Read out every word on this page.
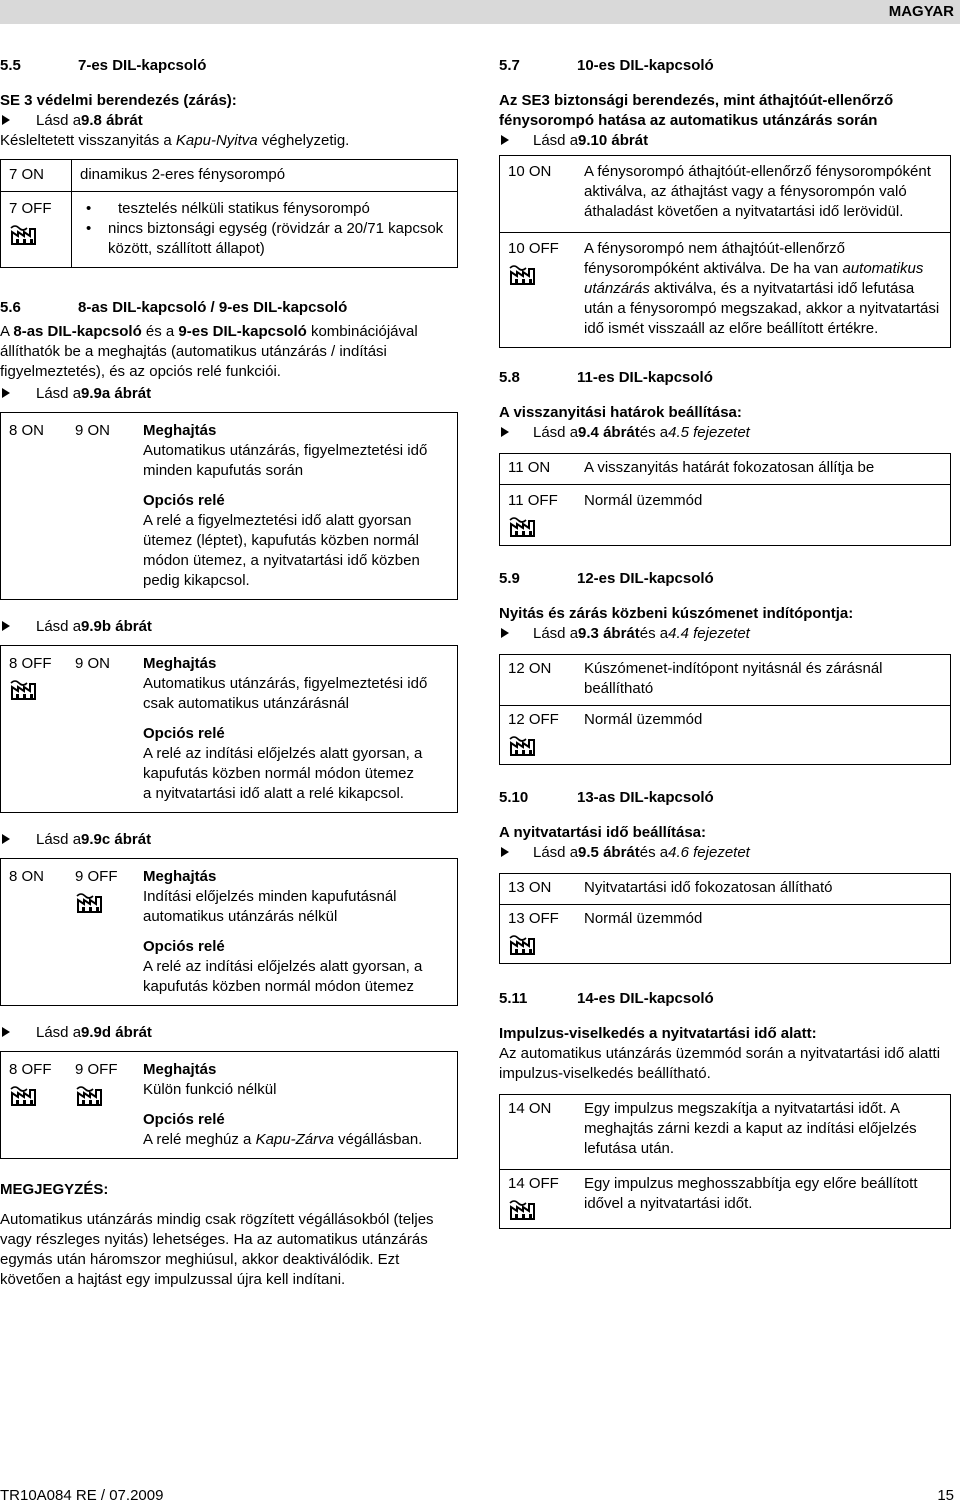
MAGYAR
5.5	7-es DIL-kapcsoló
SE 3 védelmi berendezés (zárás):
Lásd a 9.8 ábrát
Késleltetett visszanyitás a Kapu-Nyitva véghelyzetig.
7 ON	dinamikus 2-eres fénysorompó
7 OFF	• tesztelés nélküli statikus fénysorompó
• nincs biztonsági egység (rövidzár a 20/71 kapcsok között, szállított állapot)
5.6	8-as DIL-kapcsoló / 9-es DIL-kapcsoló
A 8-as DIL-kapcsoló és a 9-es DIL-kapcsoló kombinációjával állíthatók be a meghajtás (automatikus utánzárás / indítási figyelmeztetés), és az opciós relé funkciói.
Lásd a 9.9a ábrát
8 ON	9 ON	Meghajtás
Automatikus utánzárás, figyelmeztetési idő minden kapufutás során
Opciós relé
A relé a figyelmeztetési idő alatt gyorsan ütemez (léptet), kapufutás közben normál módon ütemez, a nyitvatartási idő közben pedig kikapcsol.
Lásd a 9.9b ábrát
8 OFF	9 ON	Meghajtás
Automatikus utánzárás, figyelmeztetési idő csak automatikus utánzárásnál
Opciós relé
A relé az indítási előjelzés alatt gyorsan, a kapufutás közben normál módon ütemez
a nyitvatartási idő alatt a relé kikapcsol.
Lásd a 9.9c ábrát
8 ON	9 OFF	Meghajtás
Indítási előjelzés minden kapufutásnál automatikus utánzárás nélkül
Opciós relé
A relé az indítási előjelzés alatt gyorsan, a kapufutás közben normál módon ütemez
Lásd a 9.9d ábrát
8 OFF	9 OFF	Meghajtás
Külön funkció nélkül
Opciós relé
A relé meghúz a Kapu-Zárva végállásban.
MEGJEGYZÉS:
Automatikus utánzárás mindig csak rögzített végállásokból (teljes vagy részleges nyitás) lehetséges. Ha az automatikus utánzárás egymás után háromszor meghiúsul, akkor deaktiválódik. Ezt követően a hajtást egy impulzussal újra kell indítani.
5.7	10-es DIL-kapcsoló
Az SE3 biztonsági berendezés, mint áthajtóút-ellenőrző fénysorompó hatása az automatikus utánzárás során
Lásd a 9.10 ábrát
10 ON	A fénysorompó áthajtóút-ellenőrző fénysorompóként aktiválva, az áthajtást vagy a fénysorompón való áthaladást követően a nyitvatartási idő lerövidül.
10 OFF	A fénysorompó nem áthajtóút-ellenőrző fénysorompóként aktiválva. De ha van automatikus utánzárás aktiválva, és a nyitvatartási idő lefutása után a fénysorompó megszakad, akkor a nyitvatartási idő ismét visszaáll az előre beállított értékre.
5.8	11-es DIL-kapcsoló
A visszanyitási határok beállítása:
Lásd a 9.4 ábrát és a 4.5 fejezetet
11 ON	A visszanyitás határát fokozatosan állítja be
11 OFF	Normál üzemmód
5.9	12-es DIL-kapcsoló
Nyitás és zárás közbeni kúszómenet indítópontja:
Lásd a 9.3 ábrát és a 4.4 fejezetet
12 ON	Kúszómenet-indítópont nyitásnál és zárásnál beállítható
12 OFF	Normál üzemmód
5.10	13-as DIL-kapcsoló
A nyitvatartási idő beállítása:
Lásd a 9.5 ábrát és a 4.6 fejezetet
13 ON	Nyitvatartási idő fokozatosan állítható
13 OFF	Normál üzemmód
5.11	14-es DIL-kapcsoló
Impulzus-viselkedés a nyitvatartási idő alatt:
Az automatikus utánzárás üzemmód során a nyitvatartási idő alatti impulzus-viselkedés beállítható.
14 ON	Egy impulzus megszakítja a nyitvatartási időt. A meghajtás zárni kezdi a kaput az indítási előjelzés lefutása után.
14 OFF	Egy impulzus meghosszabbítja egy előre beállított idővel a nyitvatartási időt.
TR10A084 RE / 07.2009	15
